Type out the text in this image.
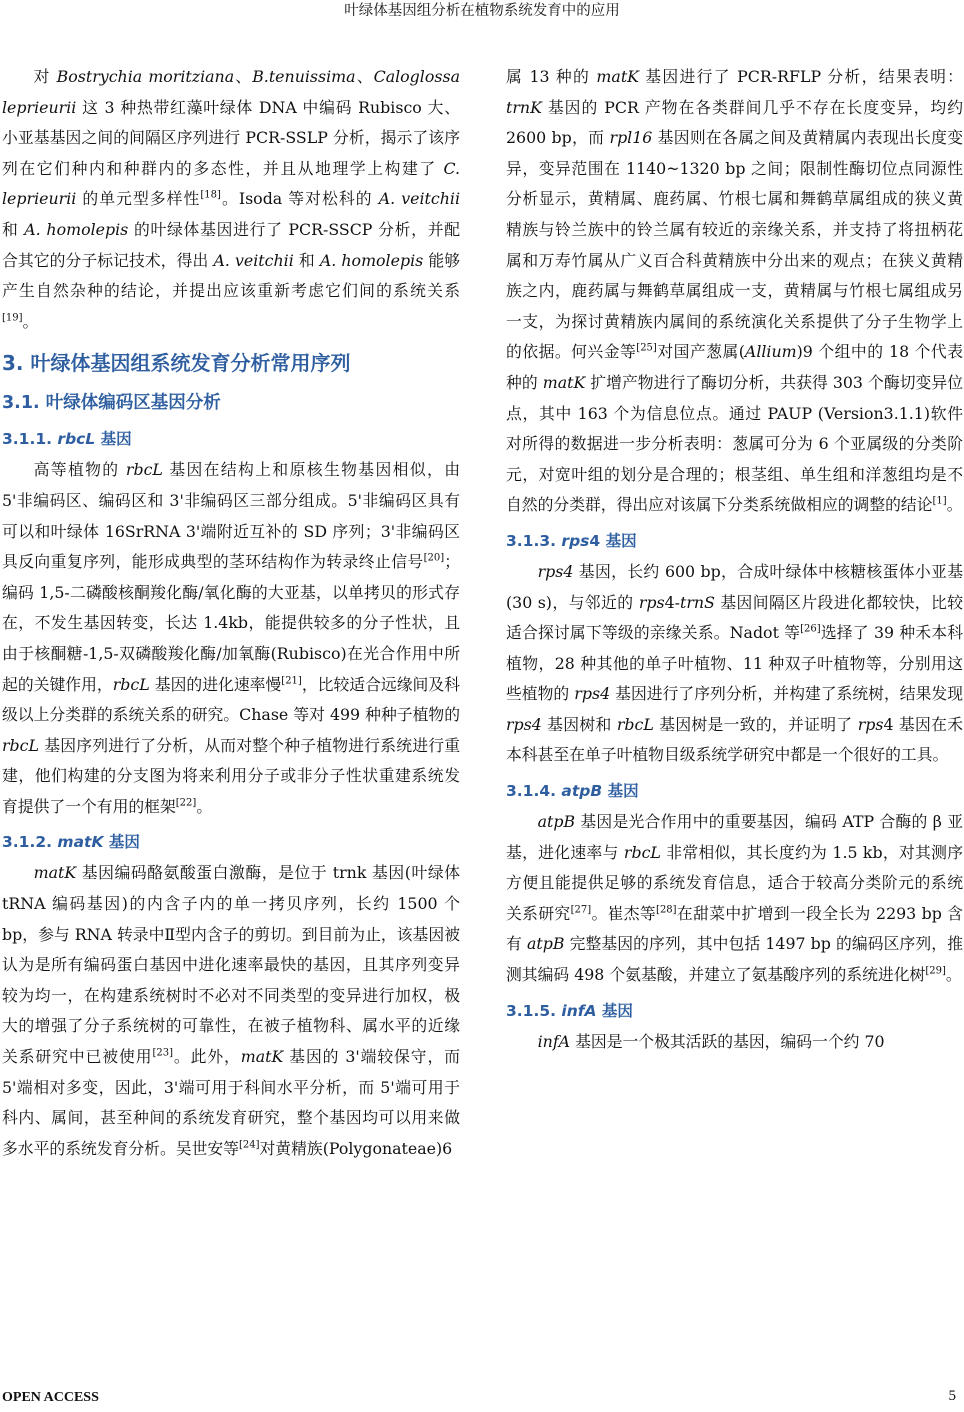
叶绿体基因组分析在植物系统发育中的应用

对 Bostrychia moritziana、B.tenuissima、Caloglossa leprieurii 这 3 种热带红藻叶绿体 DNA 中编码 Rubisco 大、小亚基基因之间的间隔区序列进行 PCR-SSLP 分析，揭示了该序列在它们种内和种群内的多态性，并且从地理学上构建了 C. leprieurii 的单元型多样性[18]。Isoda 等对松科的 A. veitchii 和 A. homolepis 的叶绿体基因进行了 PCR-SSCP 分析，并配合其它的分子标记技术，得出 A. veitchii 和 A. homolepis 能够产生自然杂种的结论，并提出应该重新考虑它们间的系统关系[19]。

3. 叶绿体基因组系统发育分析常用序列
3.1. 叶绿体编码区基因分析
3.1.1. rbcL 基因

高等植物的 rbcL 基因在结构上和原核生物基因相似，由 5'非编码区、编码区和 3'非编码区三部分组成。5'非编码区具有可以和叶绿体 16SrRNA 3'端附近互补的 SD 序列；3'非编码区具反向重复序列，能形成典型的茎环结构作为转录终止信号[20]；编码 1,5-二磷酸核酮羧化酶/氧化酶的大亚基，以单拷贝的形式存在，不发生基因转变，长达 1.4kb，能提供较多的分子性状，且由于核酮糖-1,5-双磷酸羧化酶/加氧酶(Rubisco)在光合作用中所起的关键作用，rbcL 基因的进化速率慢[21]，比较适合远缘间及科级以上分类群的系统关系的研究。Chase 等对 499 种种子植物的 rbcL 基因序列进行了分析，从而对整个种子植物进行系统进行重建，他们构建的分支图为将来利用分子或非分子性状重建系统发育提供了一个有用的框架[22]。

3.1.2. matK 基因

matK 基因编码酪氨酸蛋白激酶，是位于 trnk 基因(叶绿体 tRNA 编码基因)的内含子内的单一拷贝序列，长约 1500 个 bp，参与 RNA 转录中Ⅱ型内含子的剪切。到目前为止，该基因被认为是所有编码蛋白基因中进化速率最快的基因，且其序列变异较为均一，在构建系统树时不必对不同类型的变异进行加权，极大的增强了分子系统树的可靠性，在被子植物科、属水平的近缘关系研究中已被使用[23]。此外，matK 基因的 3'端较保守，而 5'端相对多变，因此，3'端可用于科间水平分析，而 5'端可用于科内、属间，甚至种间的系统发育研究，整个基因均可以用来做多水平的系统发育分析。吴世安等[24]对黄精族(Polygonateae)6

属 13 种的 matK 基因进行了 PCR-RFLP 分析，结果表明：trnK 基因的 PCR 产物在各类群间几乎不存在长度变异，均约 2600 bp，而 rpl16 基因则在各属之间及黄精属内表现出长度变异，变异范围在 1140~1320 bp 之间；限制性酶切位点同源性分析显示，黄精属、鹿药属、竹根七属和舞鹤草属组成的狭义黄精族与铃兰族中的铃兰属有较近的亲缘关系，并支持了将扭柄花属和万寿竹属从广义百合科黄精族中分出来的观点；在狭义黄精族之内，鹿药属与舞鹤草属组成一支，黄精属与竹根七属组成另一支，为探讨黄精族内属间的系统演化关系提供了分子生物学上的依据。何兴金等[25]对国产葱属(Allium)9 个组中的 18 个代表种的 matK 扩增产物进行了酶切分析，共获得 303 个酶切变异位点，其中 163 个为信息位点。通过 PAUP (Version3.1.1)软件对所得的数据进一步分析表明：葱属可分为 6 个亚属级的分类阶元，对宽叶组的划分是合理的；根茎组、单生组和洋葱组均是不自然的分类群，得出应对该属下分类系统做相应的调整的结论[1]。

3.1.3. rps4 基因

rps4 基因，长约 600 bp，合成叶绿体中核糖核蛋体小亚基(30 s)，与邻近的 rps4-trnS 基因间隔区片段进化都较快，比较适合探讨属下等级的亲缘关系。Nadot 等[26]选择了 39 种禾本科植物，28 种其他的单子叶植物、11 种双子叶植物等，分别用这些植物的 rps4 基因进行了序列分析，并构建了系统树，结果发现 rps4 基因树和 rbcL 基因树是一致的，并证明了 rps4 基因在禾本科甚至在单子叶植物目级系统学研究中都是一个很好的工具。

3.1.4. atpB 基因

atpB 基因是光合作用中的重要基因，编码 ATP 合酶的 β 亚基，进化速率与 rbcL 非常相似，其长度约为 1.5 kb，对其测序方便且能提供足够的系统发育信息，适合于较高分类阶元的系统关系研究[27]。崔杰等[28]在甜菜中扩增到一段全长为 2293 bp 含有 atpB 完整基因的序列，其中包括 1497 bp 的编码区序列，推测其编码 498 个氨基酸，并建立了氨基酸序列的系统进化树[29]。

3.1.5. infA 基因

infA 基因是一个极其活跃的基因，编码一个约 70

OPEN ACCESS	5
